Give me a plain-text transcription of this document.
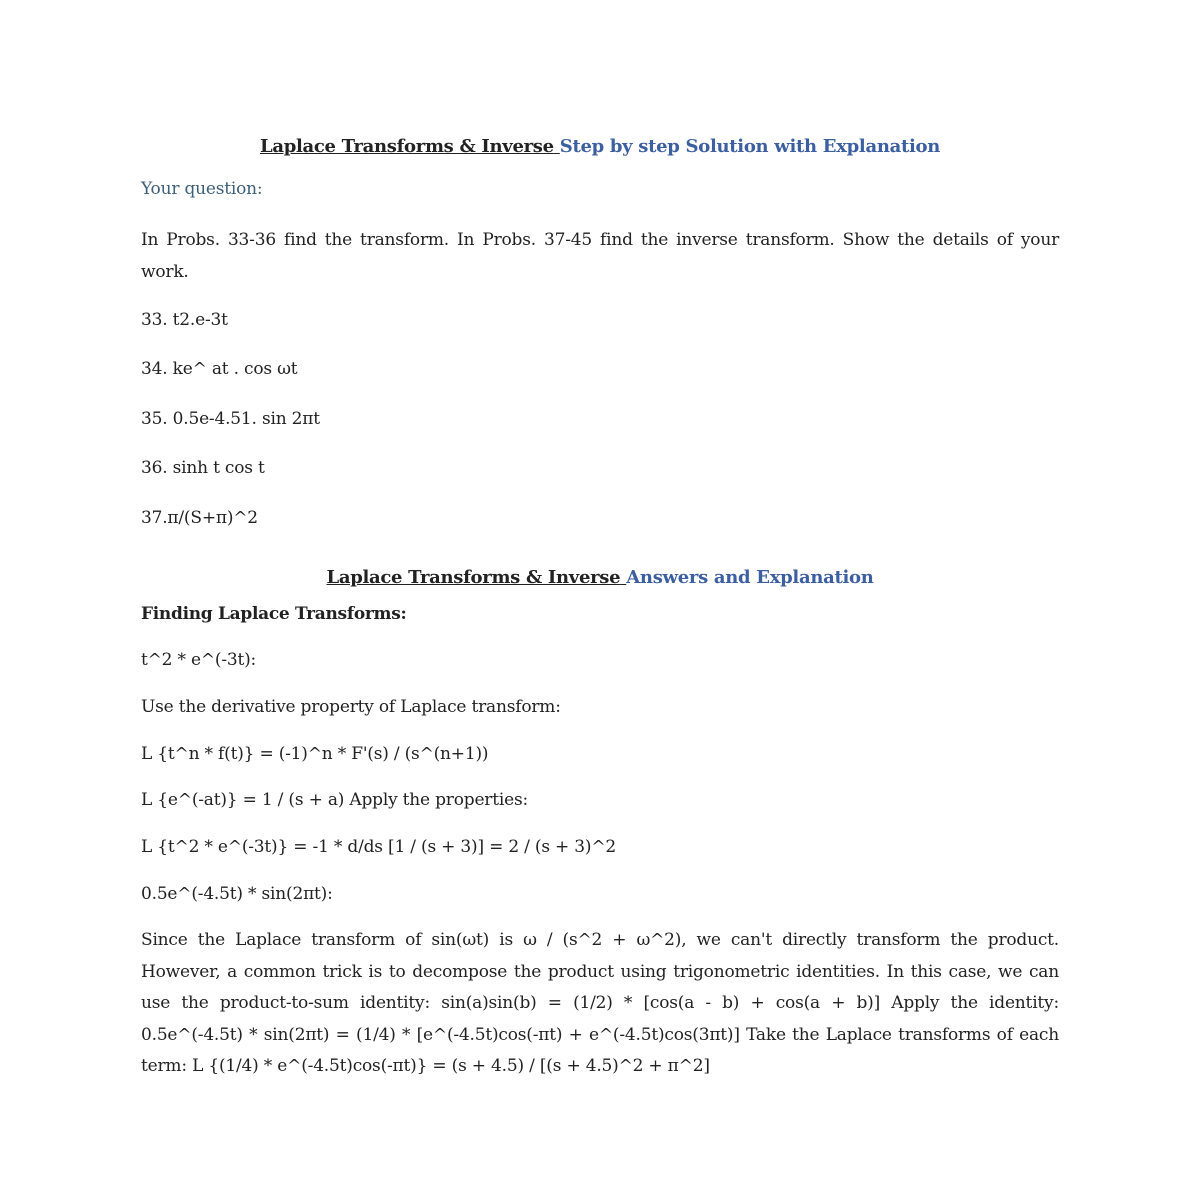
Laplace Transforms & Inverse Step by step Solution with Explanation

Your question:

In Probs. 33-36 find the transform. In Probs. 37-45 find the inverse transform. Show the details of your work.

33. t2.e-3t

34. ke^ at . cos ωt

35. 0.5e-4.51. sin 2πt

36. sinh t cos t

37.π/(S+π)^2

Laplace Transforms & Inverse Answers and Explanation

Finding Laplace Transforms:

t^2 * e^(-3t):

Use the derivative property of Laplace transform:

L {t^n * f(t)} = (-1)^n * F'(s) / (s^(n+1))

L {e^(-at)} = 1 / (s + a) Apply the properties:

L {t^2 * e^(-3t)} = -1 * d/ds [1 / (s + 3)] = 2 / (s + 3)^2

0.5e^(-4.5t) * sin(2πt):

Since the Laplace transform of sin(ωt) is ω / (s^2 + ω^2), we can't directly transform the product. However, a common trick is to decompose the product using trigonometric identities. In this case, we can use the product-to-sum identity: sin(a)sin(b) = (1/2) * [cos(a - b) + cos(a + b)] Apply the identity: 0.5e^(-4.5t) * sin(2πt) = (1/4) * [e^(-4.5t)cos(-πt) + e^(-4.5t)cos(3πt)] Take the Laplace transforms of each term: L {(1/4) * e^(-4.5t)cos(-πt)} = (s + 4.5) / [(s + 4.5)^2 + π^2]
